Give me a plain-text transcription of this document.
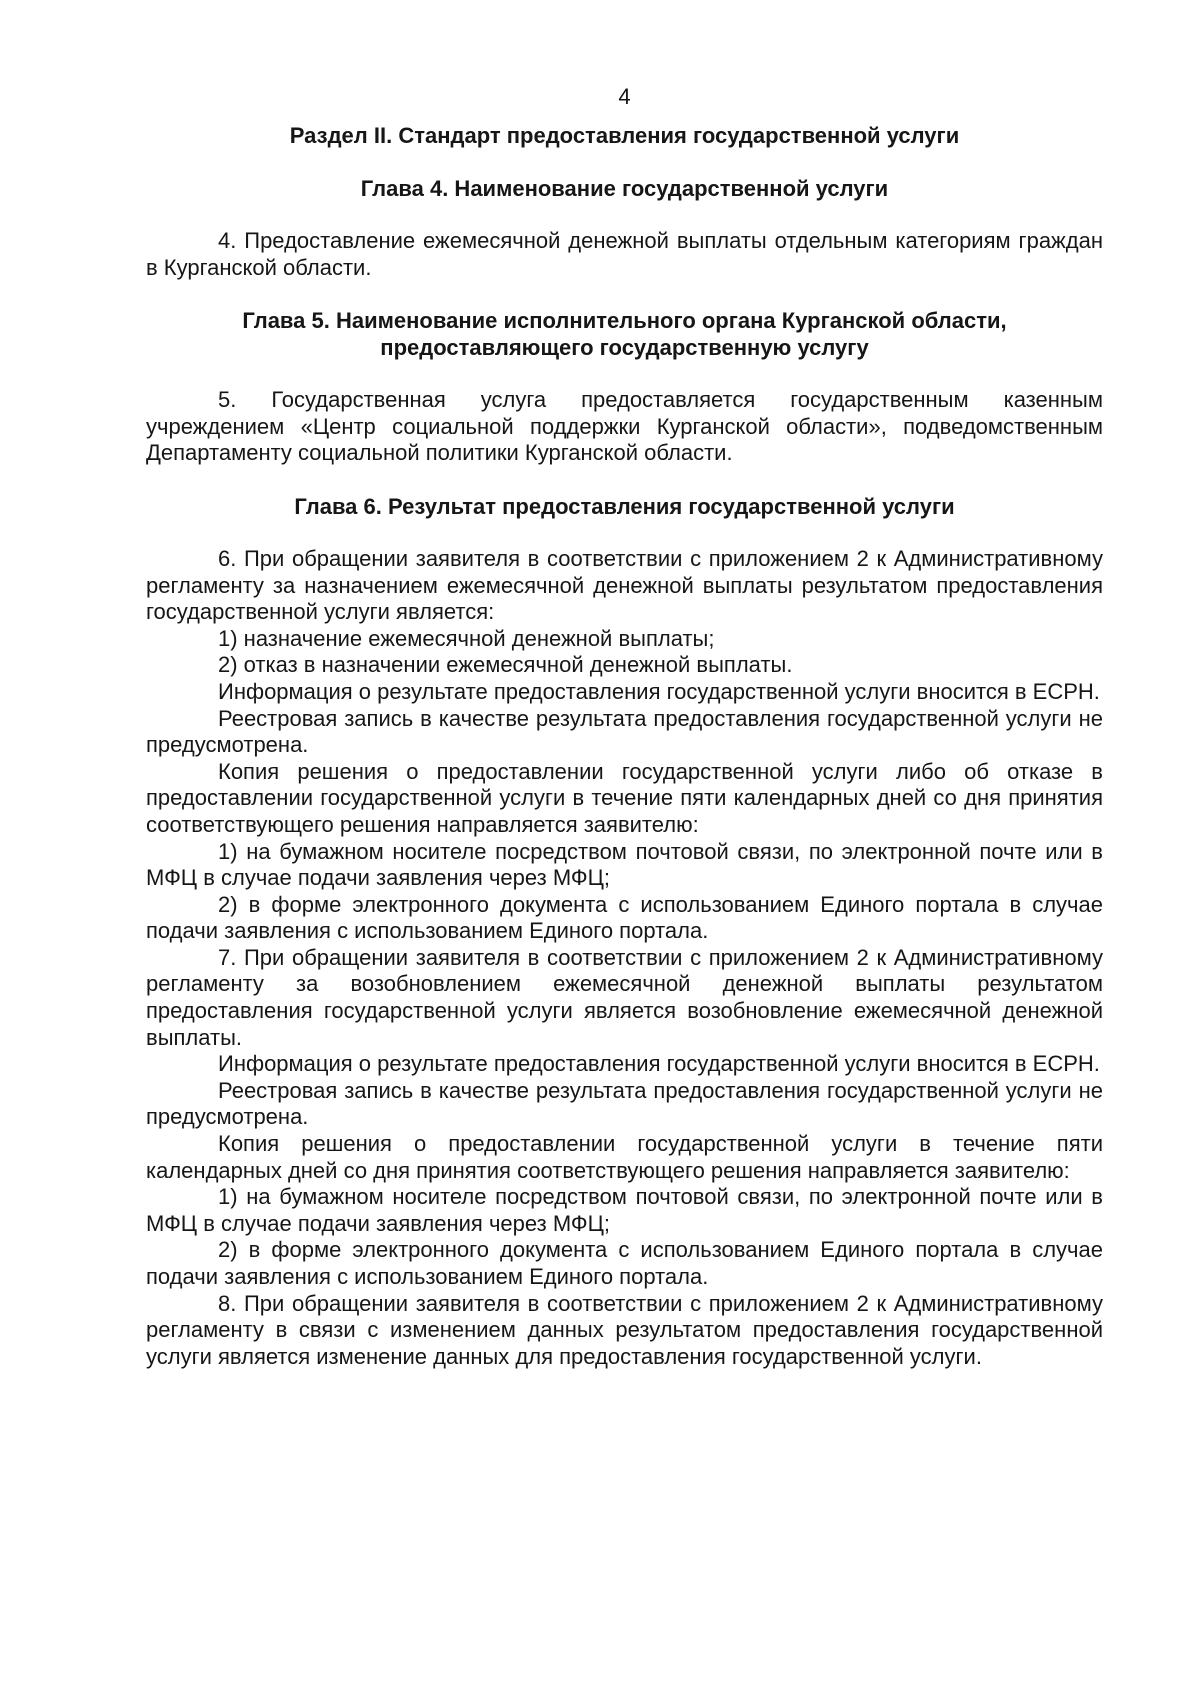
4
Раздел II. Стандарт предоставления государственной услуги
Глава 4. Наименование государственной услуги

4. Предоставление ежемесячной денежной выплаты отдельным категориям граждан в Курганской области.

Глава 5. Наименование исполнительного органа Курганской области,
предоставляющего государственную услугу

5. Государственная услуга предоставляется государственным казенным учреждением «Центр социальной поддержки Курганской области», подведомственным Департаменту социальной политики Курганской области.

Глава 6. Результат предоставления государственной услуги

6. При обращении заявителя в соответствии с приложением 2 к Административному регламенту за назначением ежемесячной денежной выплаты результатом предоставления государственной услуги является:

1) назначение ежемесячной денежной выплаты;

2) отказ в назначении ежемесячной денежной выплаты.

Информация о результате предоставления государственной услуги вносится в ЕСРН.

Реестровая запись в качестве результата предоставления государственной услуги не предусмотрена.

Копия решения о предоставлении государственной услуги либо об отказе в предоставлении государственной услуги в течение пяти календарных дней со дня принятия соответствующего решения направляется заявителю:

1) на бумажном носителе посредством почтовой связи, по электронной почте или в МФЦ в случае подачи заявления через МФЦ;

2) в форме электронного документа с использованием Единого портала в случае подачи заявления с использованием Единого портала.

7. При обращении заявителя в соответствии с приложением 2 к Административному регламенту за возобновлением ежемесячной денежной выплаты результатом предоставления государственной услуги является возобновление ежемесячной денежной выплаты.

Информация о результате предоставления государственной услуги вносится в ЕСРН.

Реестровая запись в качестве результата предоставления государственной услуги не предусмотрена.

Копия решения о предоставлении государственной услуги в течение пяти календарных дней со дня принятия соответствующего решения направляется заявителю:

1) на бумажном носителе посредством почтовой связи, по электронной почте или в МФЦ в случае подачи заявления через МФЦ;

2) в форме электронного документа с использованием Единого портала в случае подачи заявления с использованием Единого портала.

8. При обращении заявителя в соответствии с приложением 2 к Административному регламенту в связи с изменением данных результатом предоставления государственной услуги является изменение данных для предоставления государственной услуги.
